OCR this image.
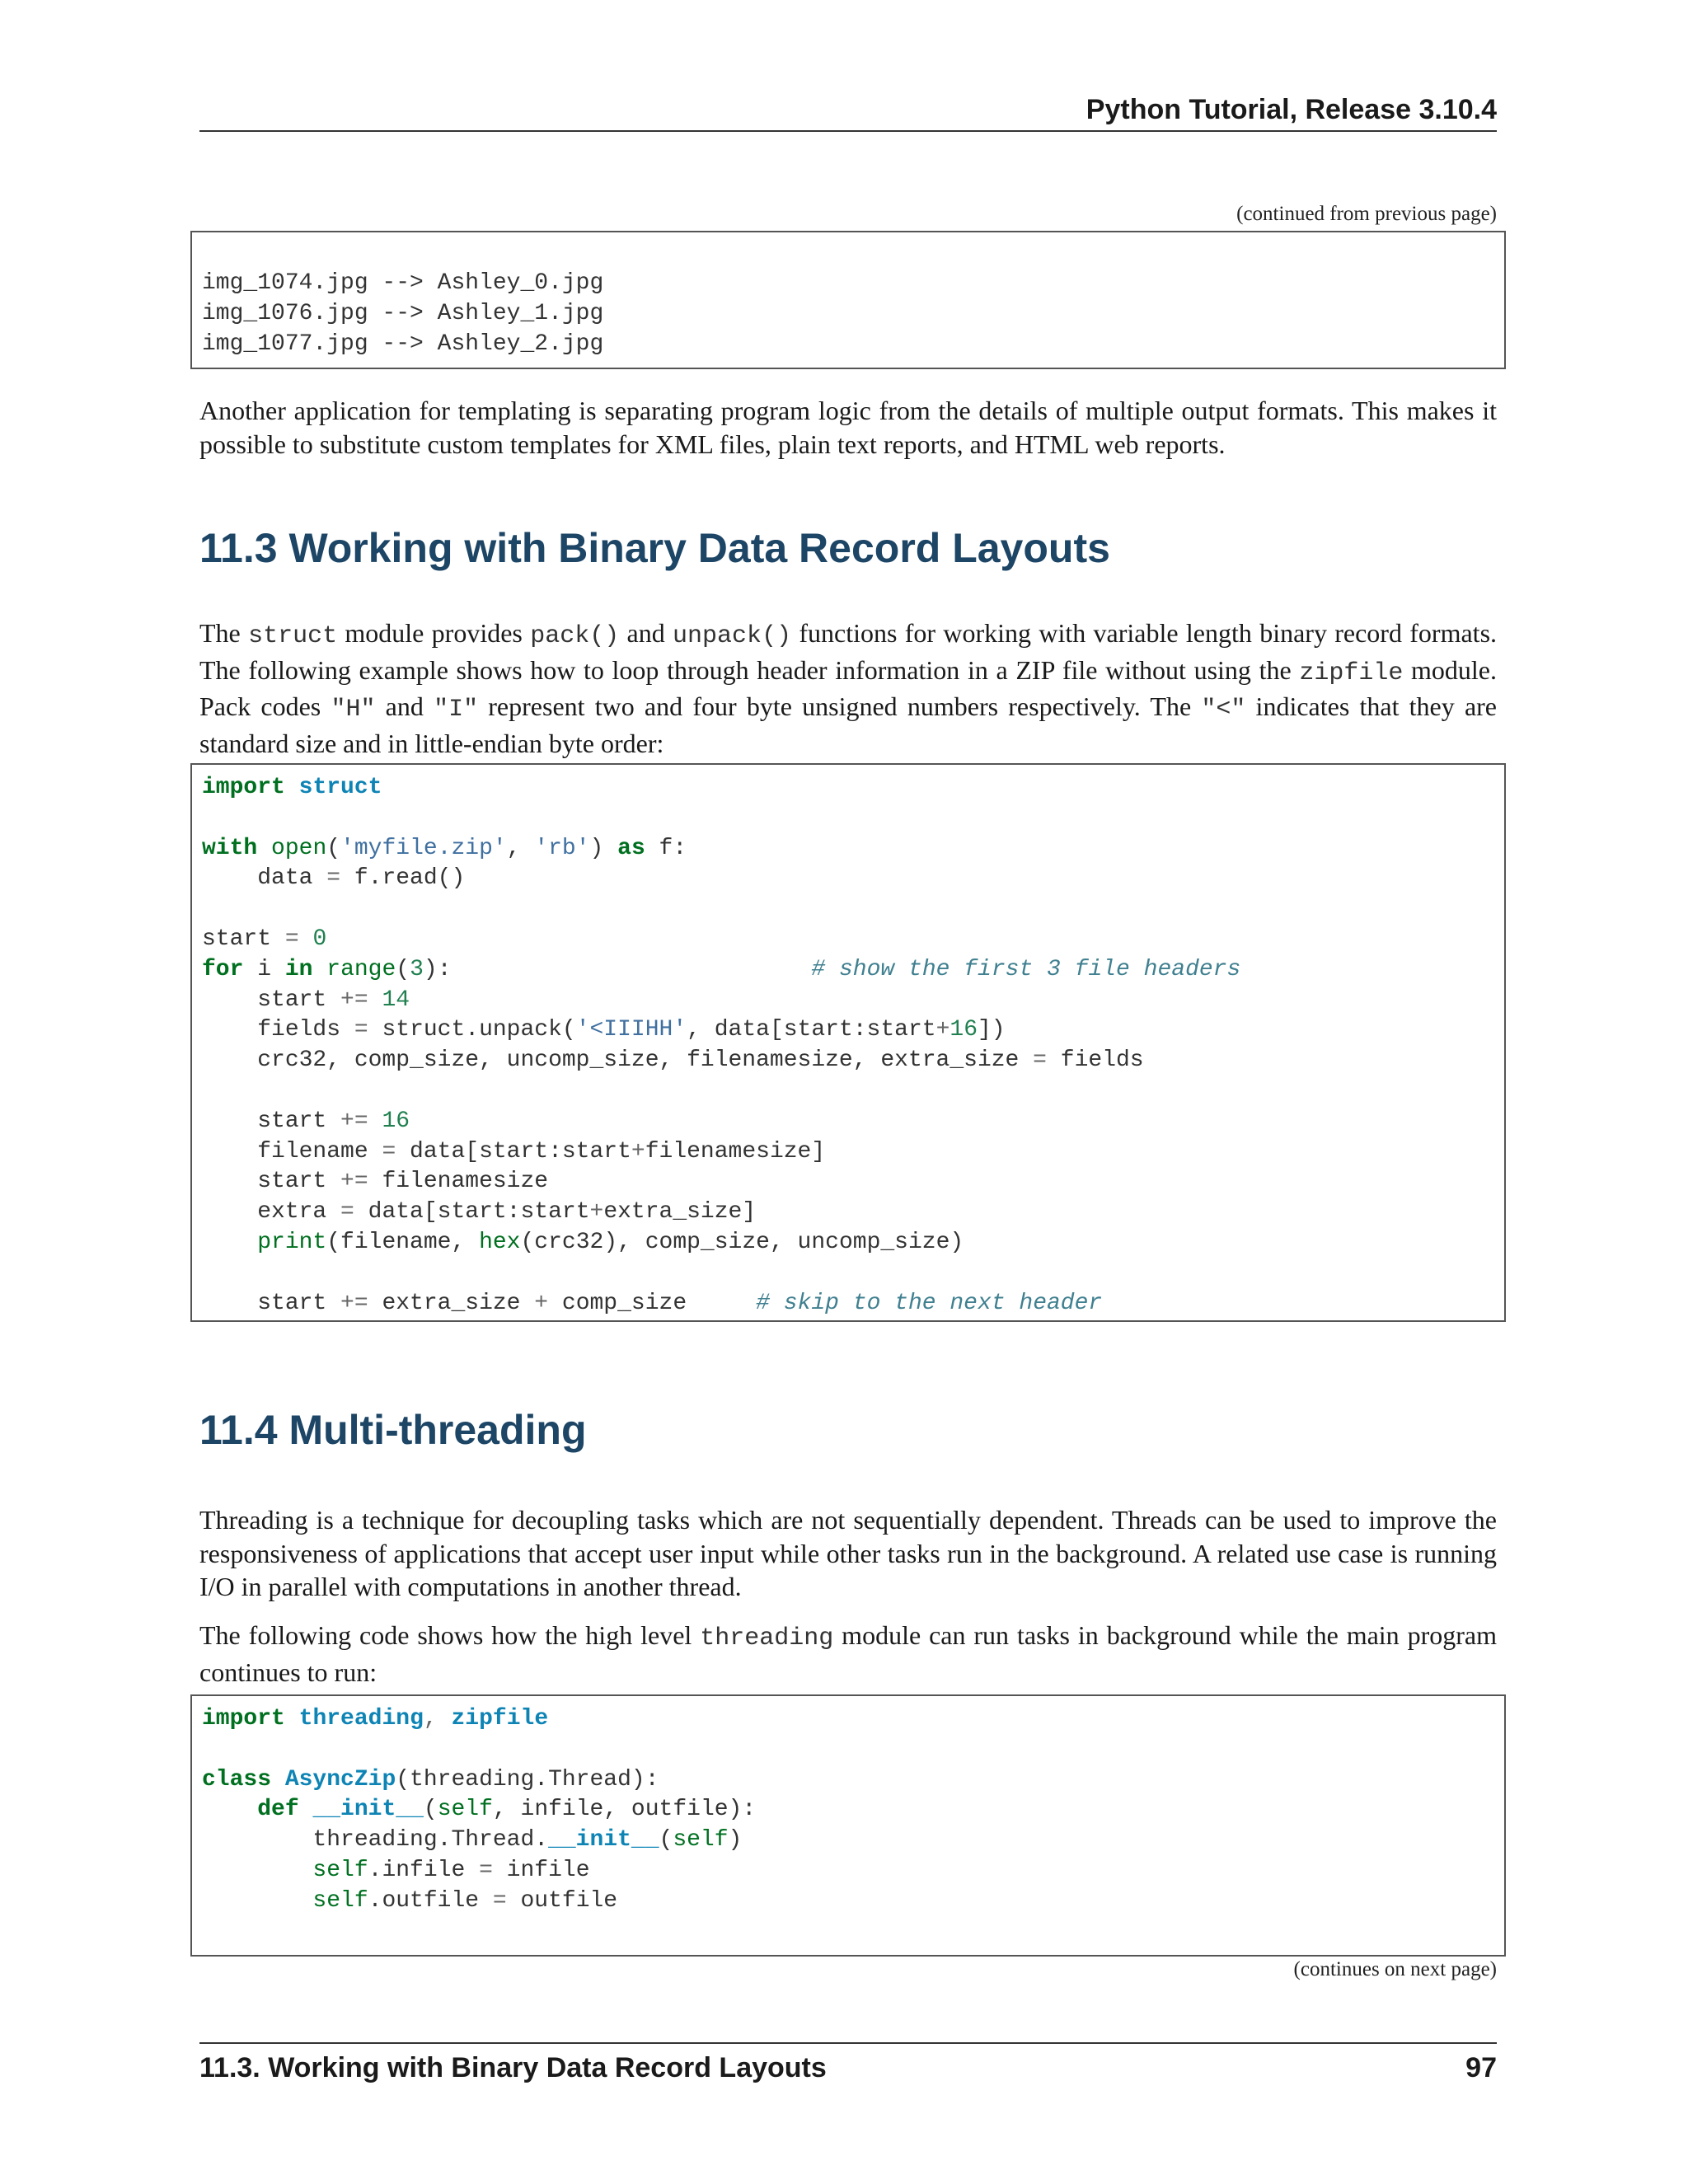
Python Tutorial, Release 3.10.4
(continued from previous page)
img_1074.jpg --> Ashley_0.jpg
img_1076.jpg --> Ashley_1.jpg
img_1077.jpg --> Ashley_2.jpg
Another application for templating is separating program logic from the details of multiple output formats. This makes it possible to substitute custom templates for XML files, plain text reports, and HTML web reports.
11.3 Working with Binary Data Record Layouts
The struct module provides pack() and unpack() functions for working with variable length binary record formats. The following example shows how to loop through header information in a ZIP file without using the zipfile module. Pack codes "H" and "I" represent two and four byte unsigned numbers respectively. The "<" indicates that they are standard size and in little-endian byte order:
import struct

with open('myfile.zip', 'rb') as f:
data = f.read()

start = 0
for i in range(3):	# show the first 3 file headers
start += 14
fields = struct.unpack('<IIIHH', data[start:start+16])
crc32, comp_size, uncomp_size, filenamesize, extra_size = fields

start += 16
filename = data[start:start+filenamesize]
start += filenamesize
extra = data[start:start+extra_size]
print(filename, hex(crc32), comp_size, uncomp_size)

start += extra_size + comp_size	# skip to the next header
11.4 Multi-threading
Threading is a technique for decoupling tasks which are not sequentially dependent. Threads can be used to improve the responsiveness of applications that accept user input while other tasks run in the background. A related use case is running I/O in parallel with computations in another thread.
The following code shows how the high level threading module can run tasks in background while the main program continues to run:
import threading, zipfile

class AsyncZip(threading.Thread):
def __init__(self, infile, outfile):
threading.Thread.__init__(self)
self.infile = infile
self.outfile = outfile
(continues on next page)
11.3. Working with Binary Data Record Layouts	97
